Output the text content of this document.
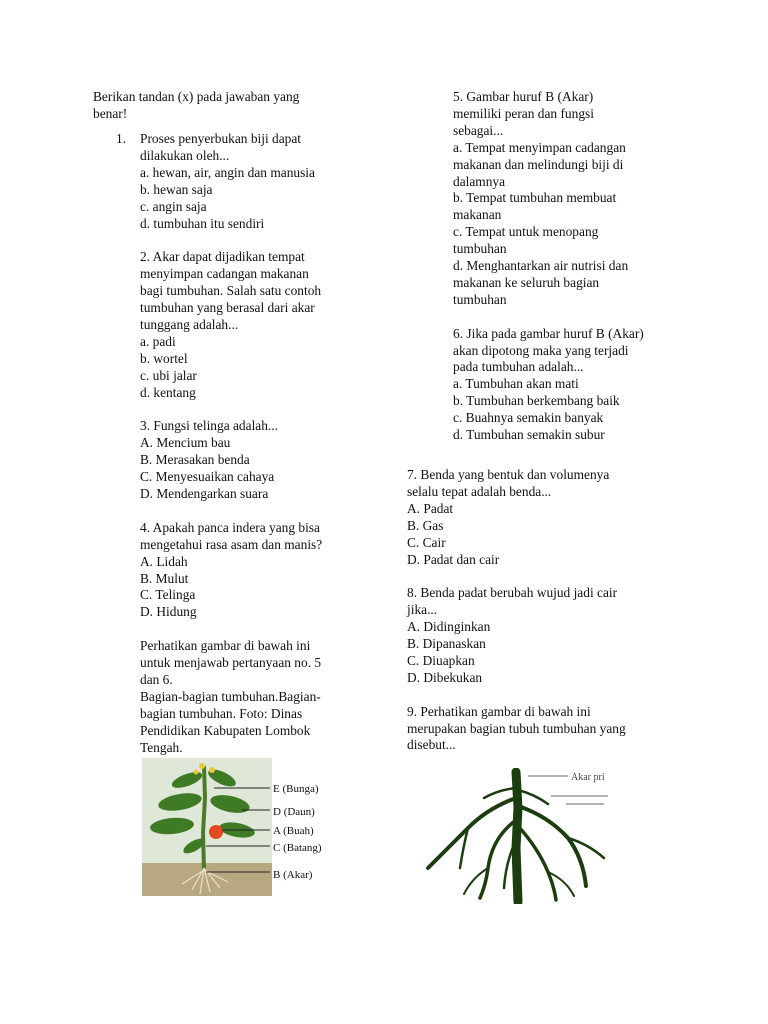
Berikan tandan (x) pada jawaban yang
benar!
1. Proses penyerbukan biji dapat
dilakukan oleh...
a. hewan, air, angin dan manusia
b. hewan saja
c. angin saja
d. tumbuhan itu sendiri
2. Akar dapat dijadikan tempat
menyimpan cadangan makanan
bagi tumbuhan. Salah satu contoh
tumbuhan yang berasal dari akar
tunggang adalah...
a. padi
b. wortel
c. ubi jalar
d. kentang
3. Fungsi telinga adalah...
A. Mencium bau
B. Merasakan benda
C. Menyesuaikan cahaya
D. Mendengarkan suara
4. Apakah panca indera yang bisa
mengetahui rasa asam dan manis?
A. Lidah
B. Mulut
C. Telinga
D. Hidung
Perhatikan gambar di bawah ini
untuk menjawab pertanyaan no. 5
dan 6.
Bagian-bagian tumbuhan.Bagian-
bagian tumbuhan. Foto: Dinas
Pendidikan Kabupaten Lombok
Tengah.
E (Bunga)
D (Daun)
A (Buah)
C (Batang)
B (Akar)
5. Gambar huruf B (Akar)
memiliki peran dan fungsi
sebagai...
a. Tempat menyimpan cadangan
makanan dan melindungi biji di
dalamnya
b. Tempat tumbuhan membuat
makanan
c. Tempat untuk menopang
tumbuhan
d. Menghantarkan air nutrisi dan
makanan ke seluruh bagian
tumbuhan
6. Jika pada gambar huruf B (Akar)
akan dipotong maka yang terjadi
pada tumbuhan adalah...
a. Tumbuhan akan mati
b. Tumbuhan berkembang baik
c. Buahnya semakin banyak
d. Tumbuhan semakin subur
7. Benda yang bentuk dan volumenya
selalu tepat adalah benda...
A. Padat
B. Gas
C. Cair
D. Padat dan cair
8. Benda padat berubah wujud jadi cair
jika...
A. Didinginkan
B. Dipanaskan
C. Diuapkan
D. Dibekukan
9. Perhatikan gambar di bawah ini
merupakan bagian tubuh tumbuhan yang
disebut...
Akar pri
